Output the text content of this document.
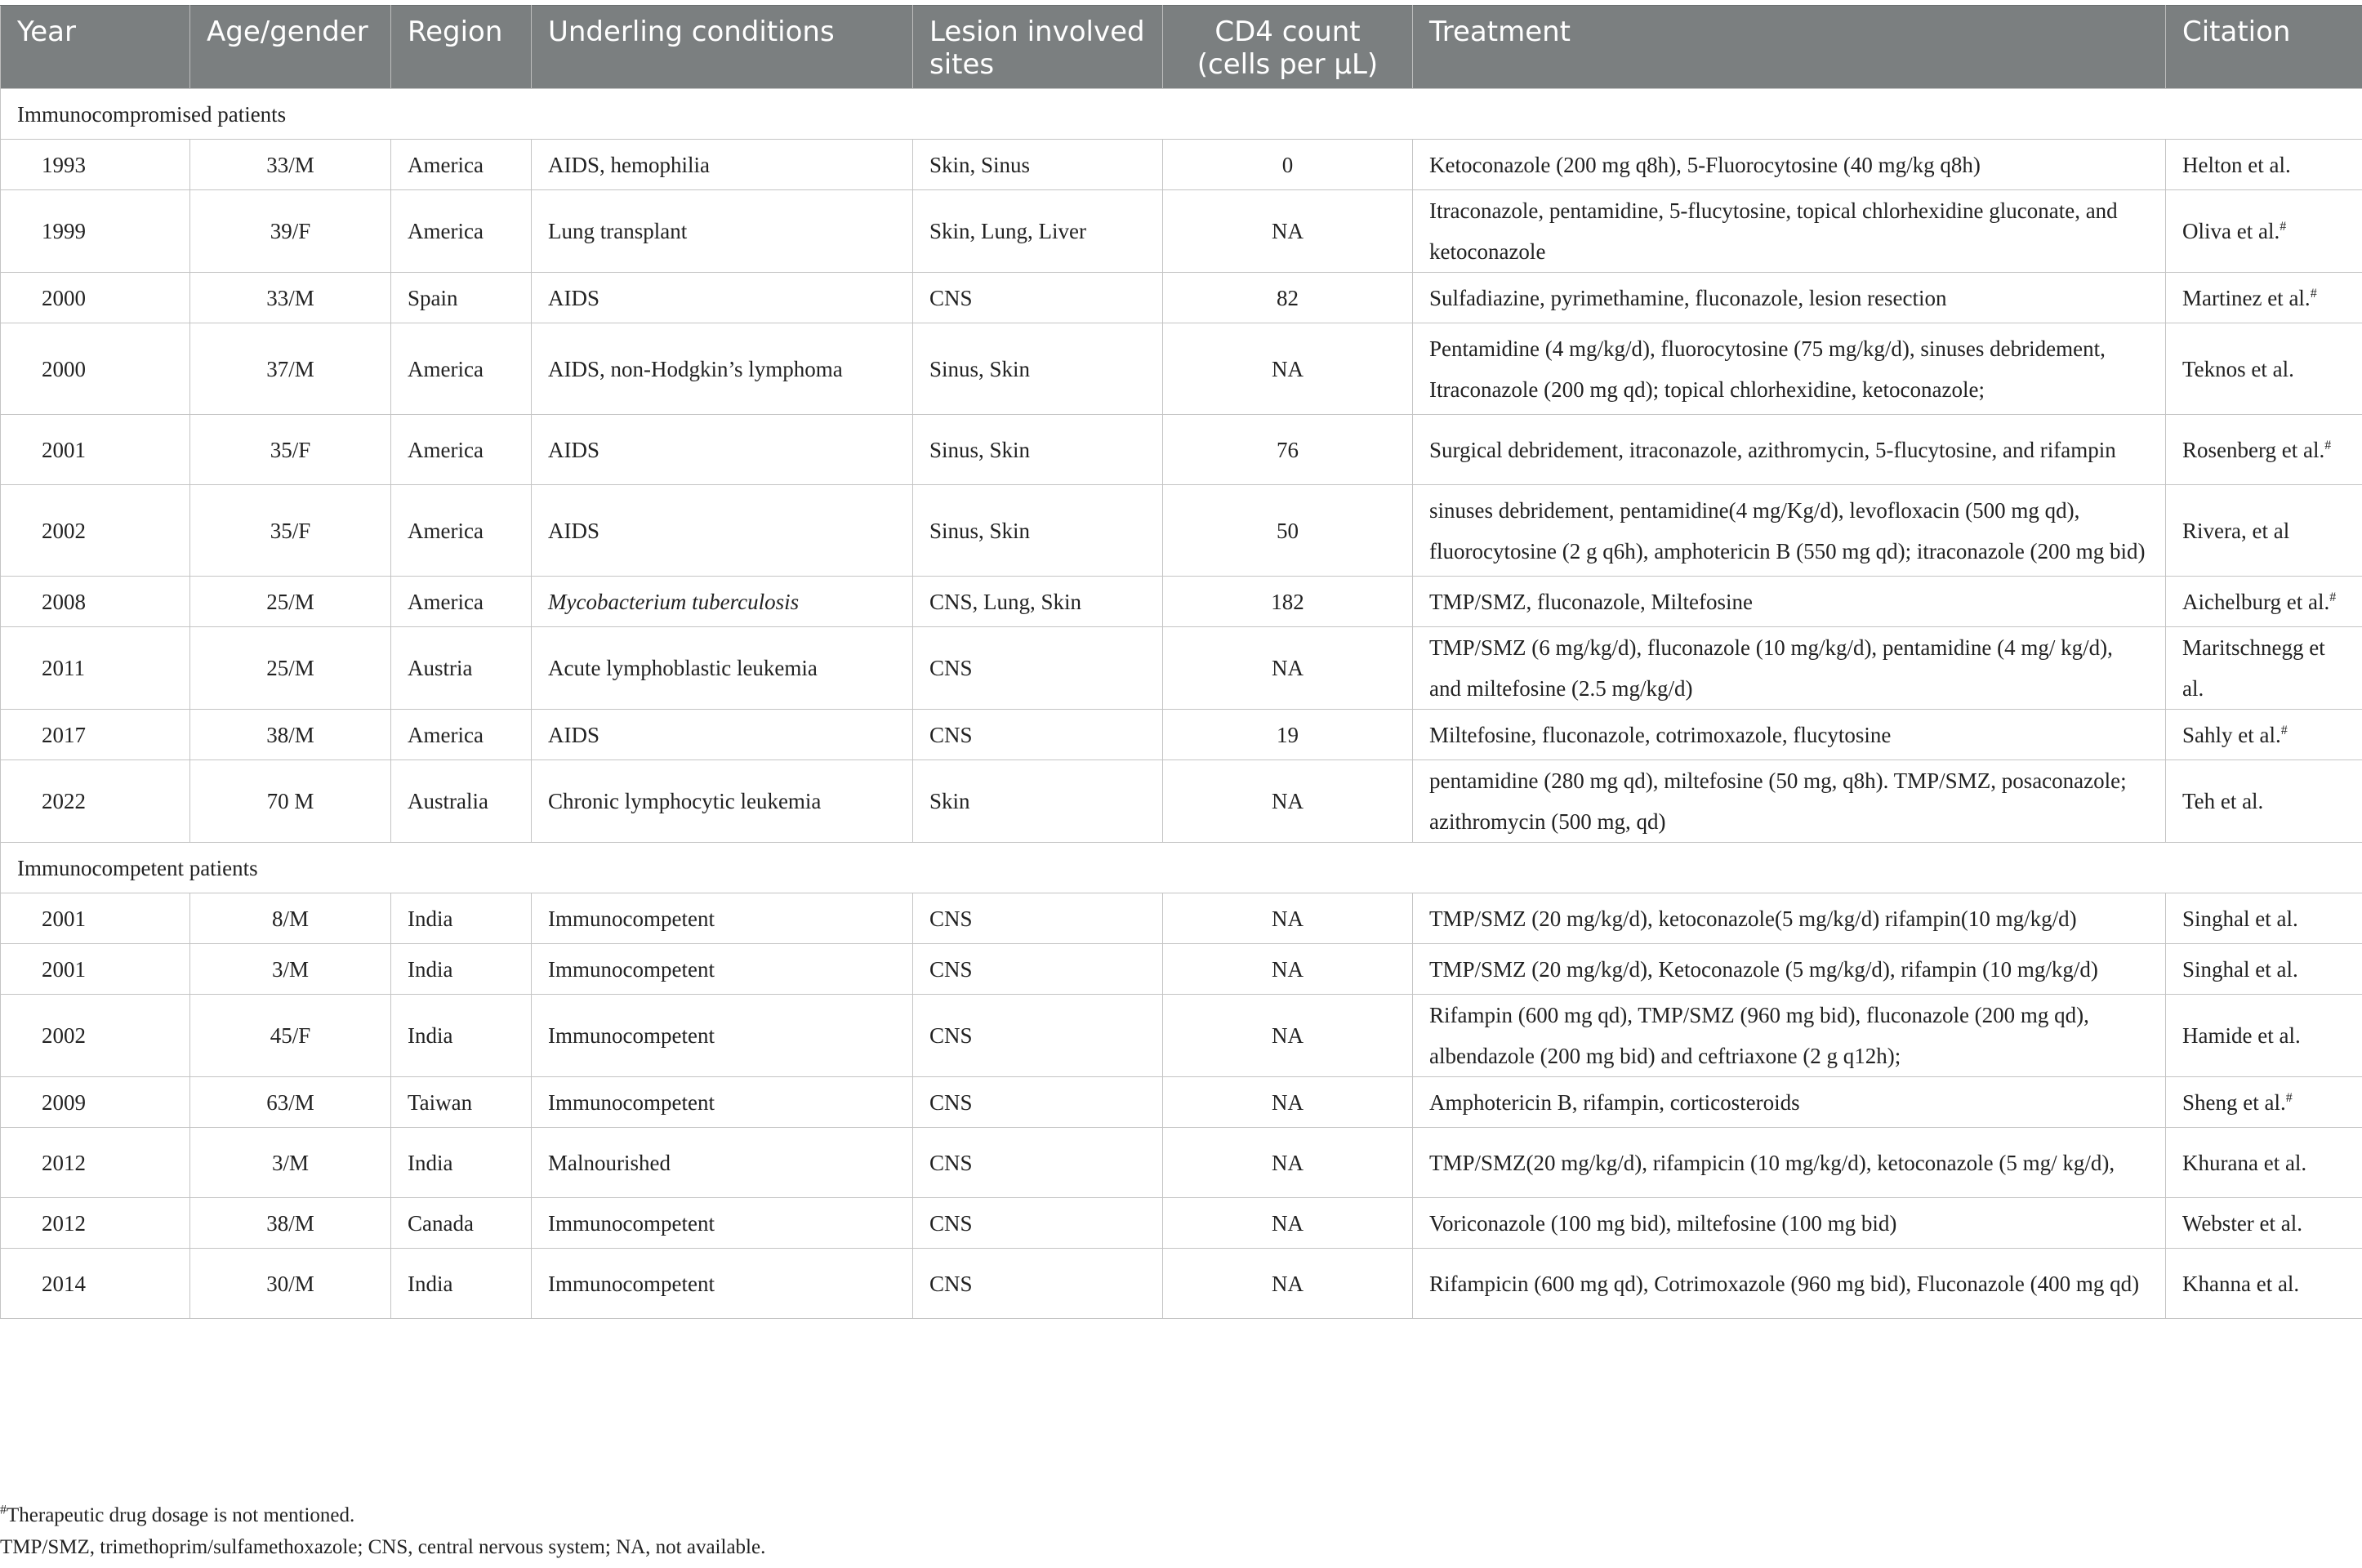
Year	Age/gender	Region	Underling conditions	Lesion involved sites	CD4 count (cells per µL)	Treatment	Citation
Immunocompromised patients							
1993	33/M	America	AIDS, hemophilia	Skin, Sinus	0	Ketoconazole (200 mg q8h), 5-Fluorocytosine (40 mg/kg q8h)	Helton et al.
1999	39/F	America	Lung transplant	Skin, Lung, Liver	NA	Itraconazole, pentamidine, 5-flucytosine, topical chlorhexidine gluconate, and ketoconazole	Oliva et al.#
2000	33/M	Spain	AIDS	CNS	82	Sulfadiazine, pyrimethamine, fluconazole, lesion resection	Martinez et al.#
2000	37/M	America	AIDS, non-Hodgkin’s lymphoma	Sinus, Skin	NA	Pentamidine (4 mg/kg/d), fluorocytosine (75 mg/kg/d), sinuses debridement, Itraconazole (200 mg qd); topical chlorhexidine, ketoconazole;	Teknos et al.
2001	35/F	America	AIDS	Sinus, Skin	76	Surgical debridement, itraconazole, azithromycin, 5-flucytosine, and rifampin	Rosenberg et al.#
2002	35/F	America	AIDS	Sinus, Skin	50	sinuses debridement, pentamidine(4 mg/Kg/d), levofloxacin (500 mg qd), fluorocytosine (2 g q6h), amphotericin B (550 mg qd); itraconazole (200 mg bid)	Rivera, et al
2008	25/M	America	Mycobacterium tuberculosis	CNS, Lung, Skin	182	TMP/SMZ, fluconazole, Miltefosine	Aichelburg et al.#
2011	25/M	Austria	Acute lymphoblastic leukemia	CNS	NA	TMP/SMZ (6 mg/kg/d), fluconazole (10 mg/kg/d), pentamidine (4 mg/ kg/d), and miltefosine (2.5 mg/kg/d)	Maritschnegg et al.
2017	38/M	America	AIDS	CNS	19	Miltefosine, fluconazole, cotrimoxazole, flucytosine	Sahly et al.#
2022	70 M	Australia	Chronic lymphocytic leukemia	Skin	NA	pentamidine (280 mg qd), miltefosine (50 mg, q8h). TMP/SMZ, posaconazole; azithromycin (500 mg, qd)	Teh et al.
Immunocompetent patients							
2001	8/M	India	Immunocompetent	CNS	NA	TMP/SMZ (20 mg/kg/d), ketoconazole(5 mg/kg/d) rifampin(10 mg/kg/d)	Singhal et al.
2001	3/M	India	Immunocompetent	CNS	NA	TMP/SMZ (20 mg/kg/d), Ketoconazole (5 mg/kg/d), rifampin (10 mg/kg/d)	Singhal et al.
2002	45/F	India	Immunocompetent	CNS	NA	Rifampin (600 mg qd), TMP/SMZ (960 mg bid), fluconazole (200 mg qd), albendazole (200 mg bid) and ceftriaxone (2 g q12h);	Hamide et al.
2009	63/M	Taiwan	Immunocompetent	CNS	NA	Amphotericin B, rifampin, corticosteroids	Sheng et al.#
2012	3/M	India	Malnourished	CNS	NA	TMP/SMZ(20 mg/kg/d), rifampicin (10 mg/kg/d), ketoconazole (5 mg/ kg/d),	Khurana et al.
2012	38/M	Canada	Immunocompetent	CNS	NA	Voriconazole (100 mg bid), miltefosine (100 mg bid)	Webster et al.
2014	30/M	India	Immunocompetent	CNS	NA	Rifampicin (600 mg qd), Cotrimoxazole (960 mg bid), Fluconazole (400 mg qd)	Khanna et al.
#Therapeutic drug dosage is not mentioned.
TMP/SMZ, trimethoprim/sulfamethoxazole; CNS, central nervous system; NA, not available.
